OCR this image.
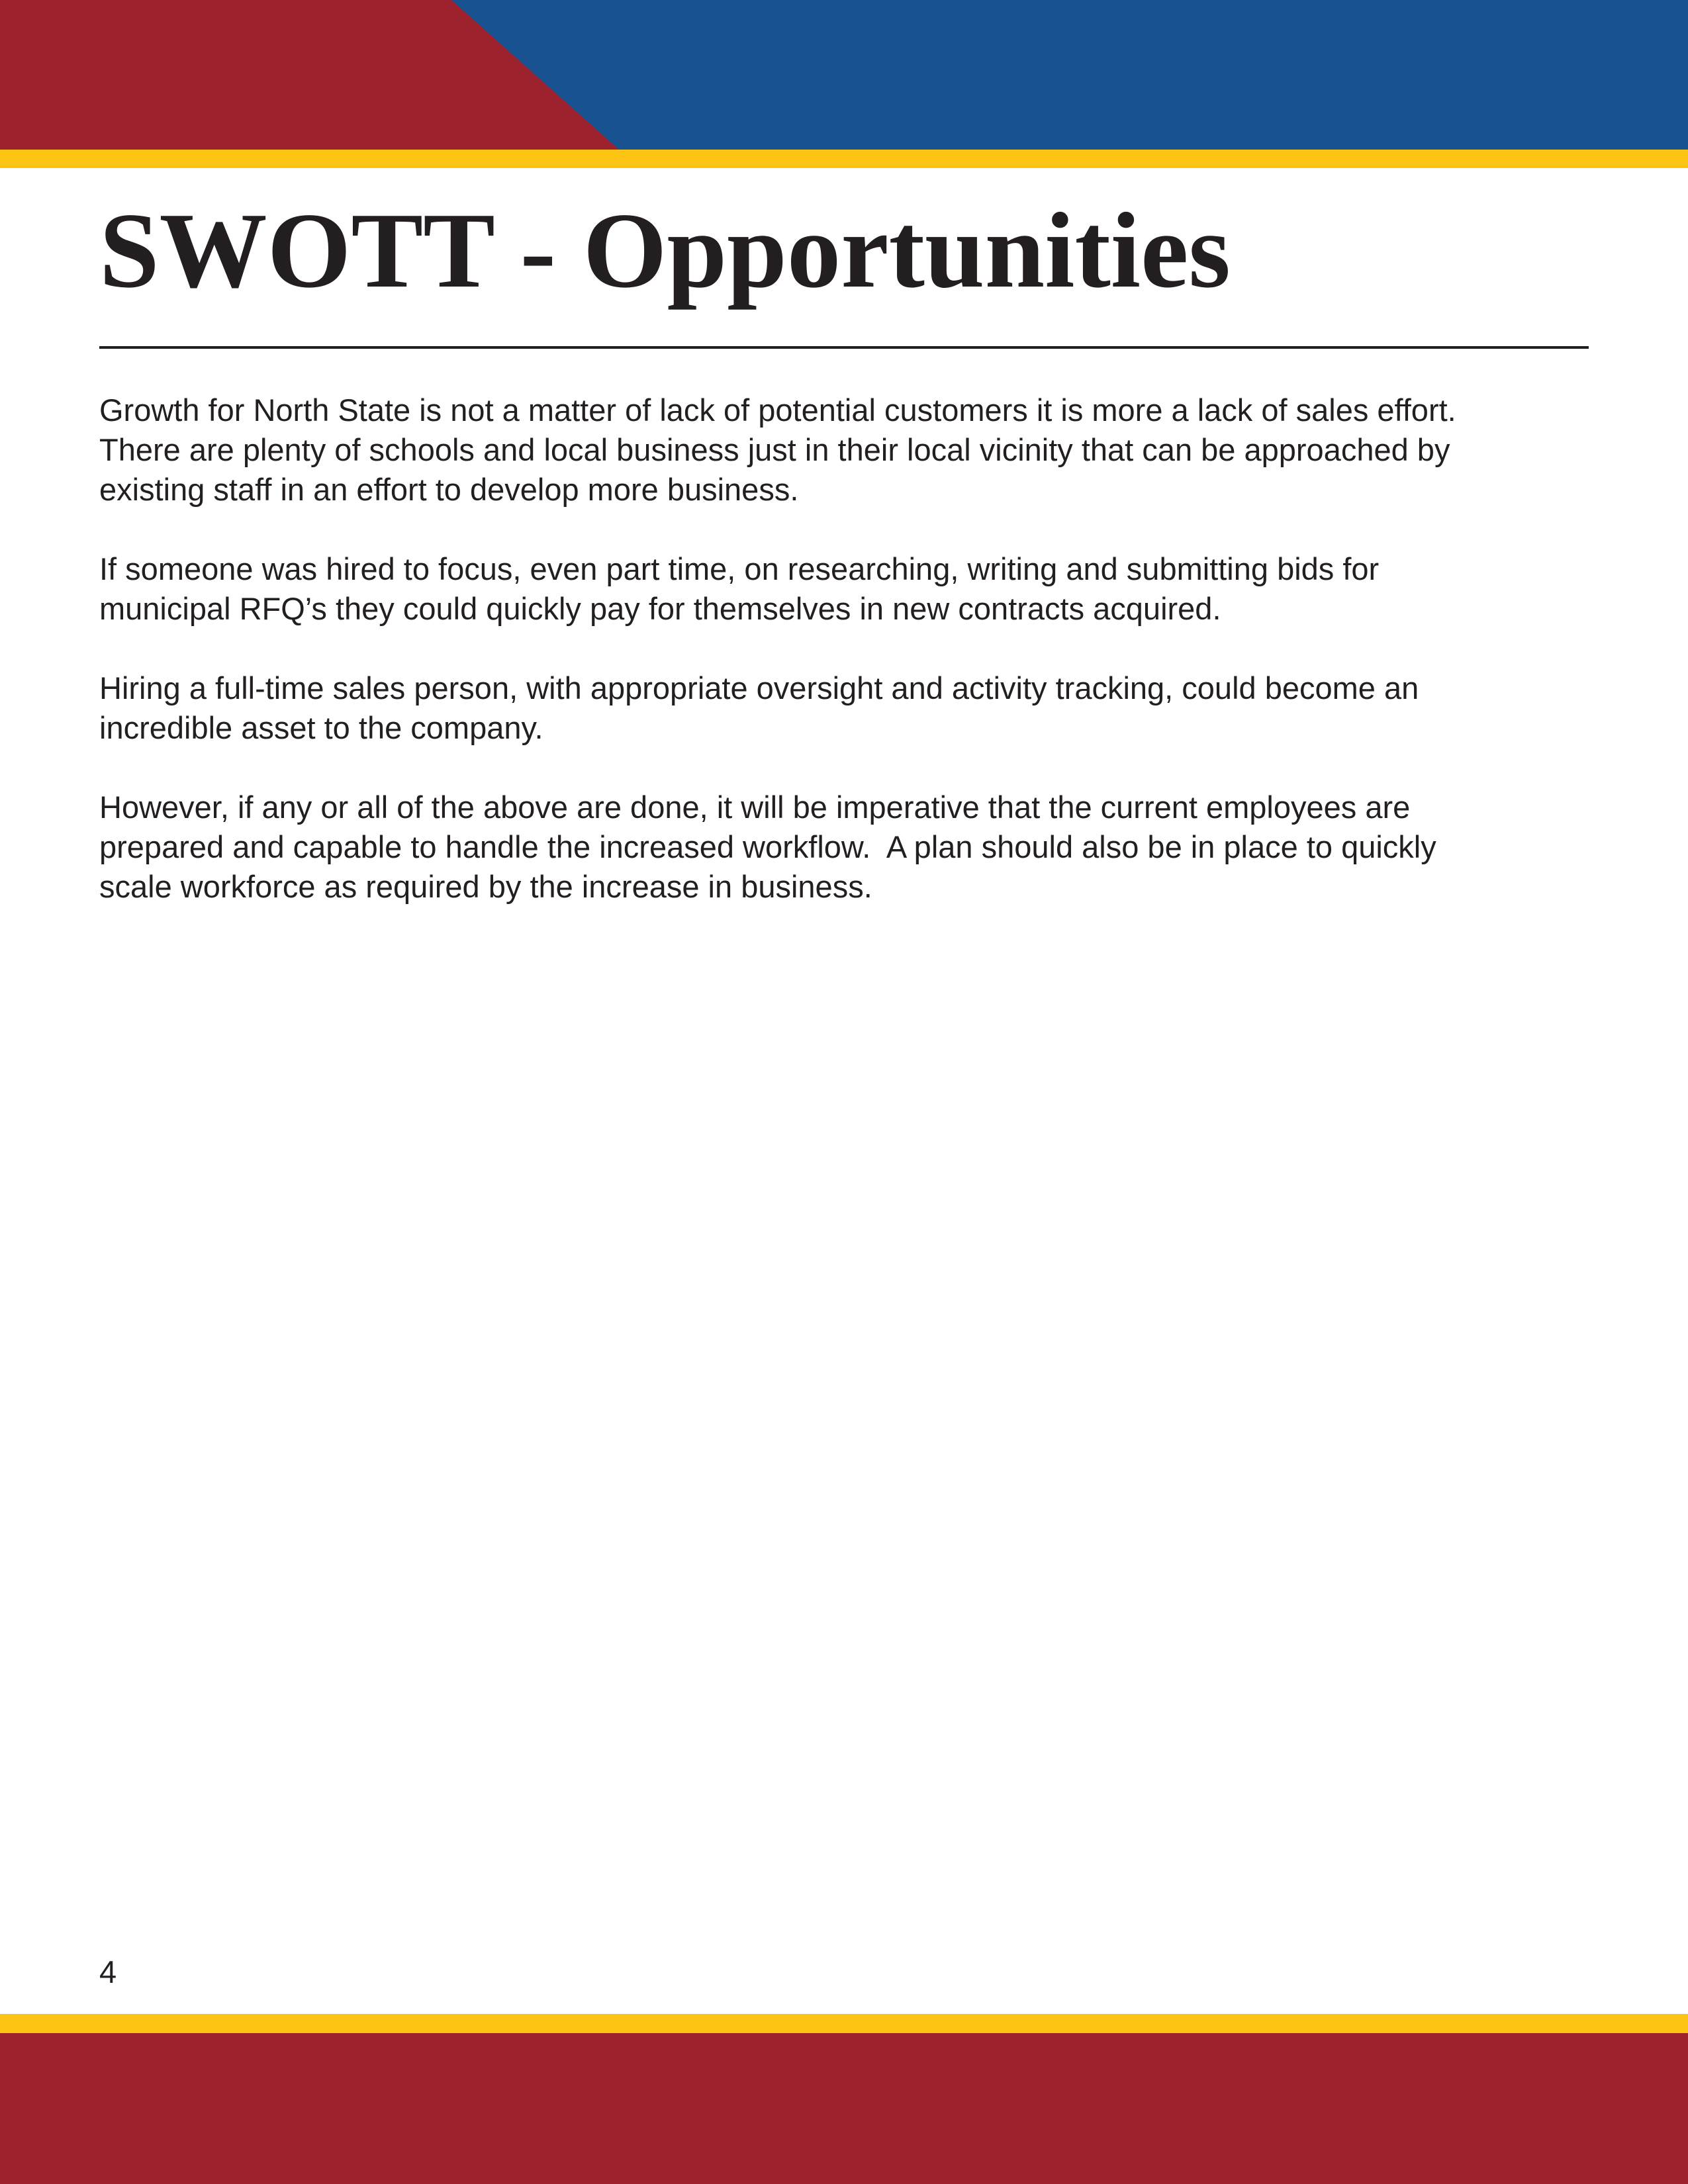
SWOTT - Opportunities

Growth for North State is not a matter of lack of potential customers it is more a lack of sales effort.
There are plenty of schools and local business just in their local vicinity that can be approached by
existing staff in an effort to develop more business.

If someone was hired to focus, even part time, on researching, writing and submitting bids for
municipal RFQ’s they could quickly pay for themselves in new contracts acquired.

Hiring a full-time sales person, with appropriate oversight and activity tracking, could become an
incredible asset to the company.

However, if any or all of the above are done, it will be imperative that the current employees are
prepared and capable to handle the increased workflow.  A plan should also be in place to quickly
scale workforce as required by the increase in business.

4
